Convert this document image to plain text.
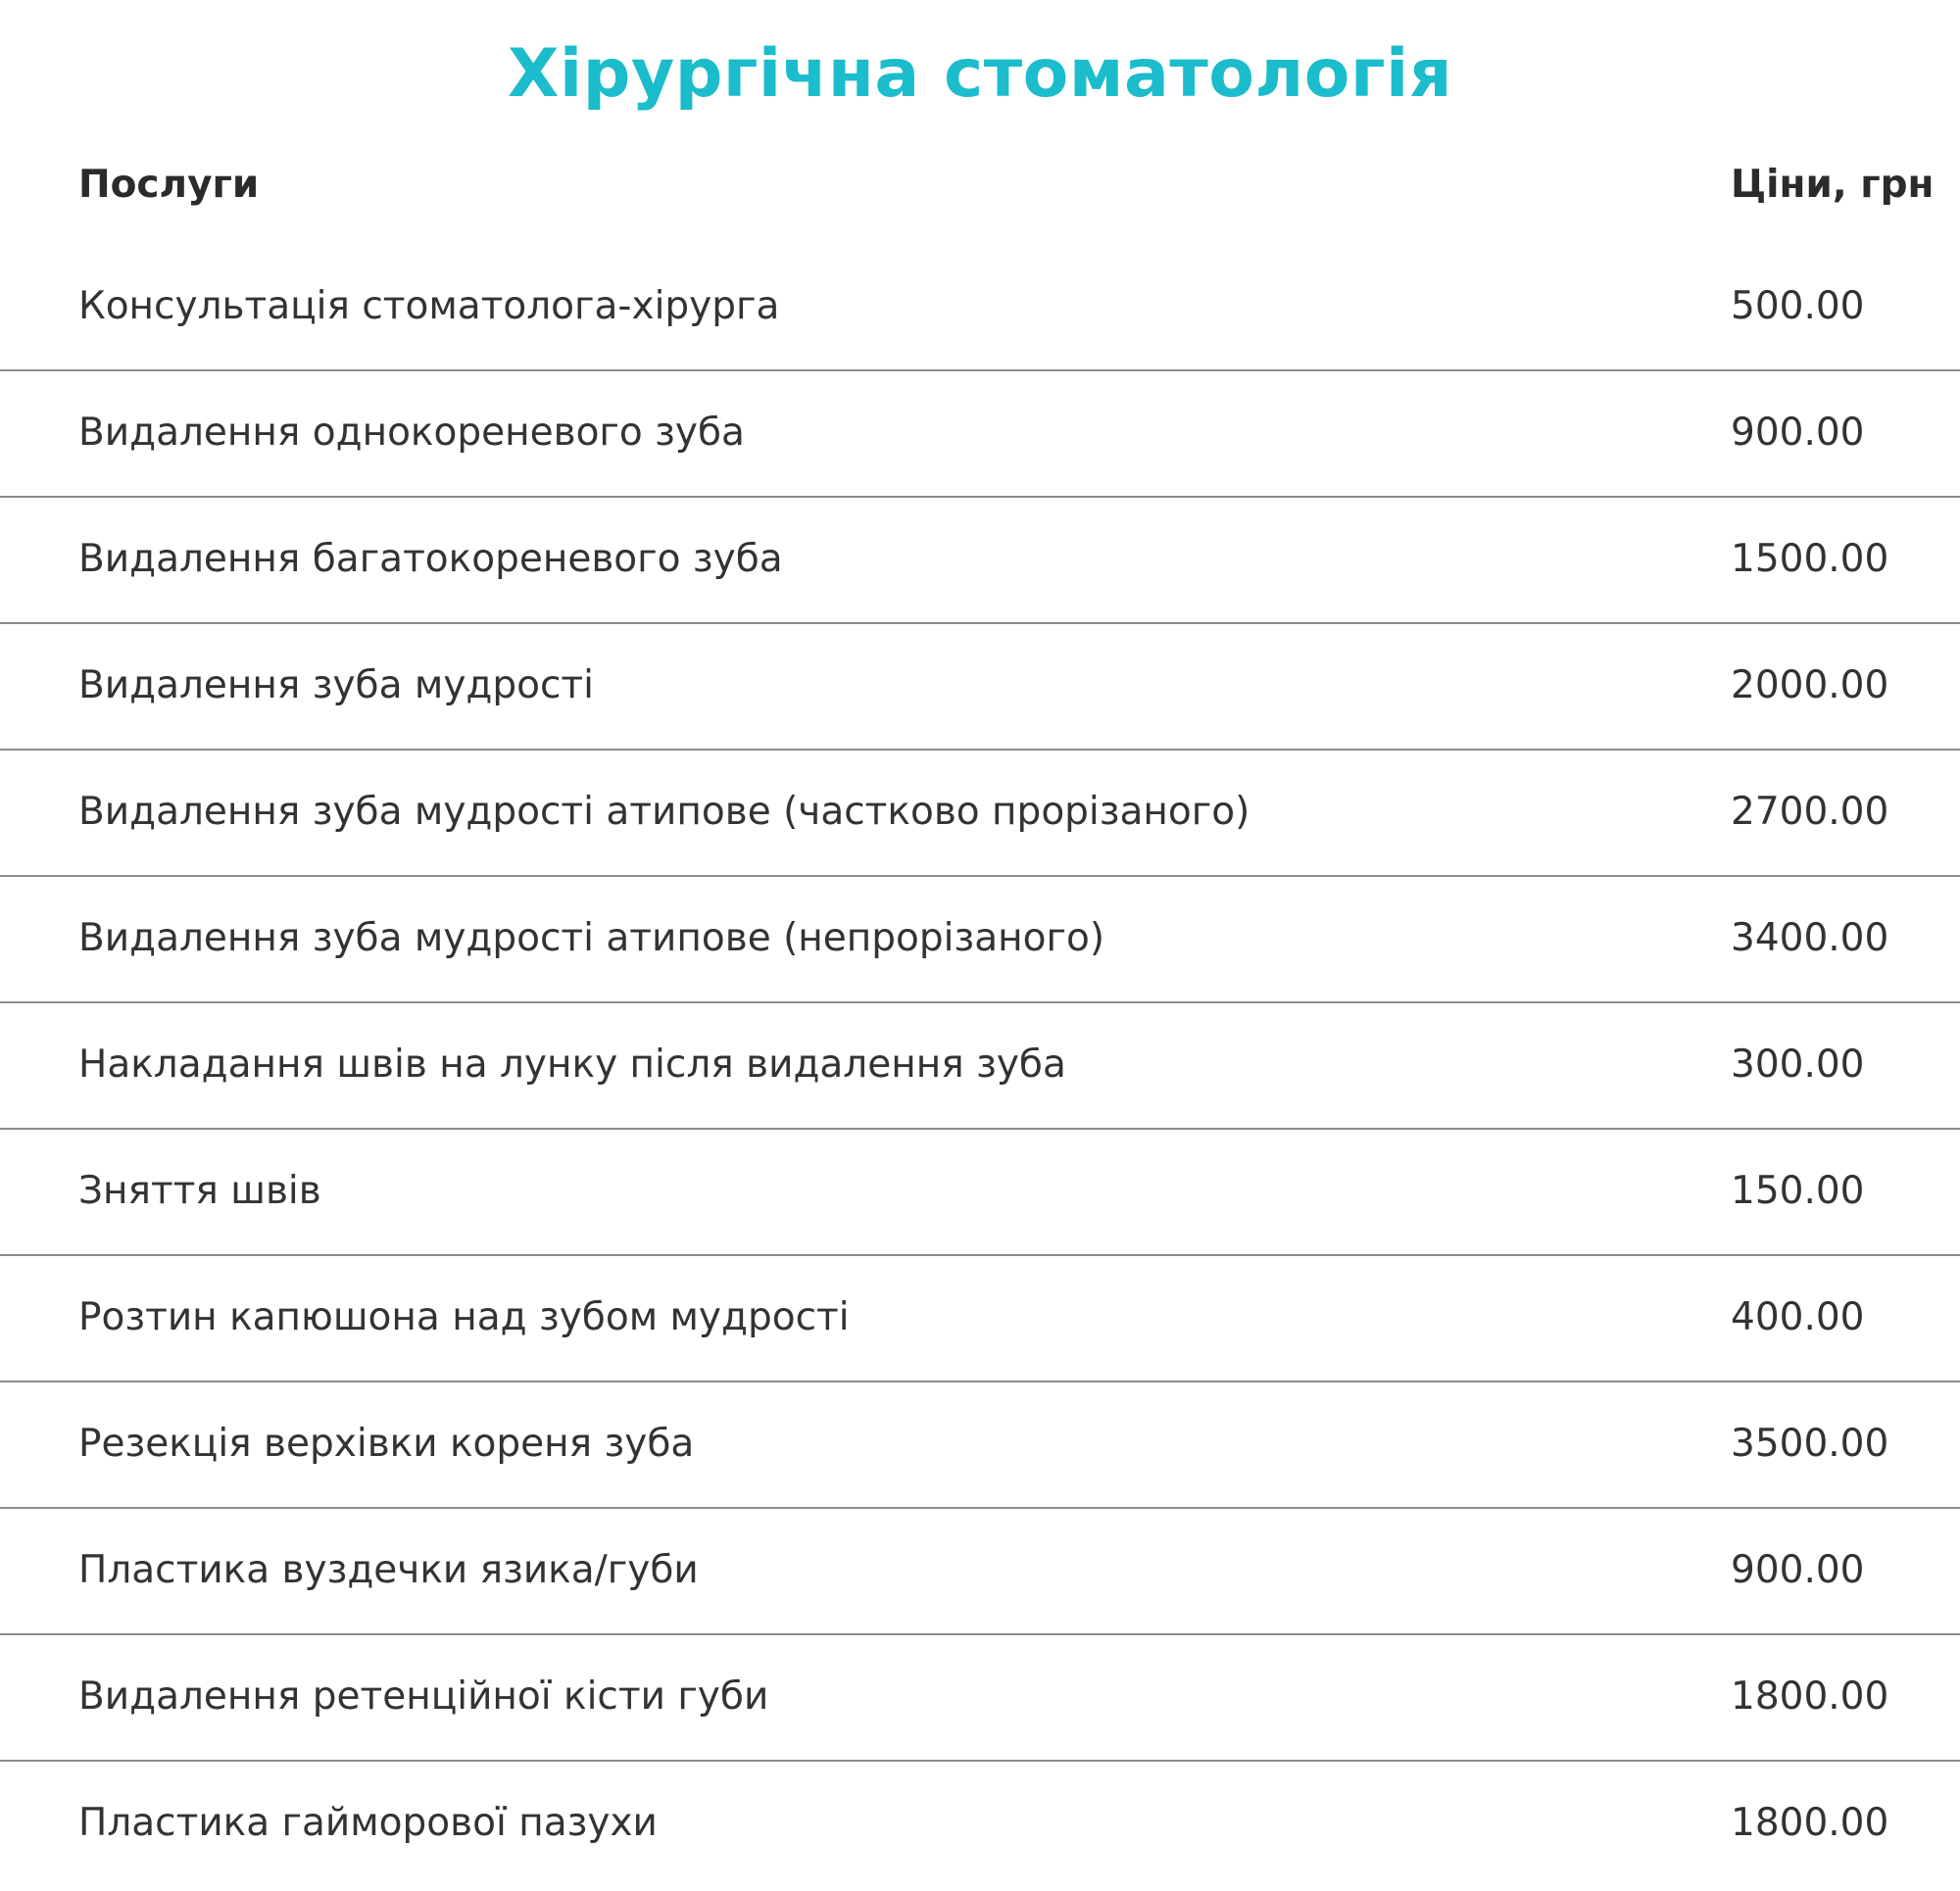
Хірургічна стоматологія
Послуги	Ціни, грн
Консультація стоматолога-хірурга	500.00
Видалення однокореневого зуба	900.00
Видалення багатокореневого зуба	1500.00
Видалення зуба мудрості	2000.00
Видалення зуба мудрості атипове (частково прорізаного)	2700.00
Видалення зуба мудрості атипове (непрорізаного)	3400.00
Накладання швів на лунку після видалення зуба	300.00
Зняття швів	150.00
Розтин капюшона над зубом мудрості	400.00
Резекція верхівки кореня зуба	3500.00
Пластика вуздечки язика/губи	900.00
Видалення ретенційної кісти губи	1800.00
Пластика гайморової пазухи	1800.00
